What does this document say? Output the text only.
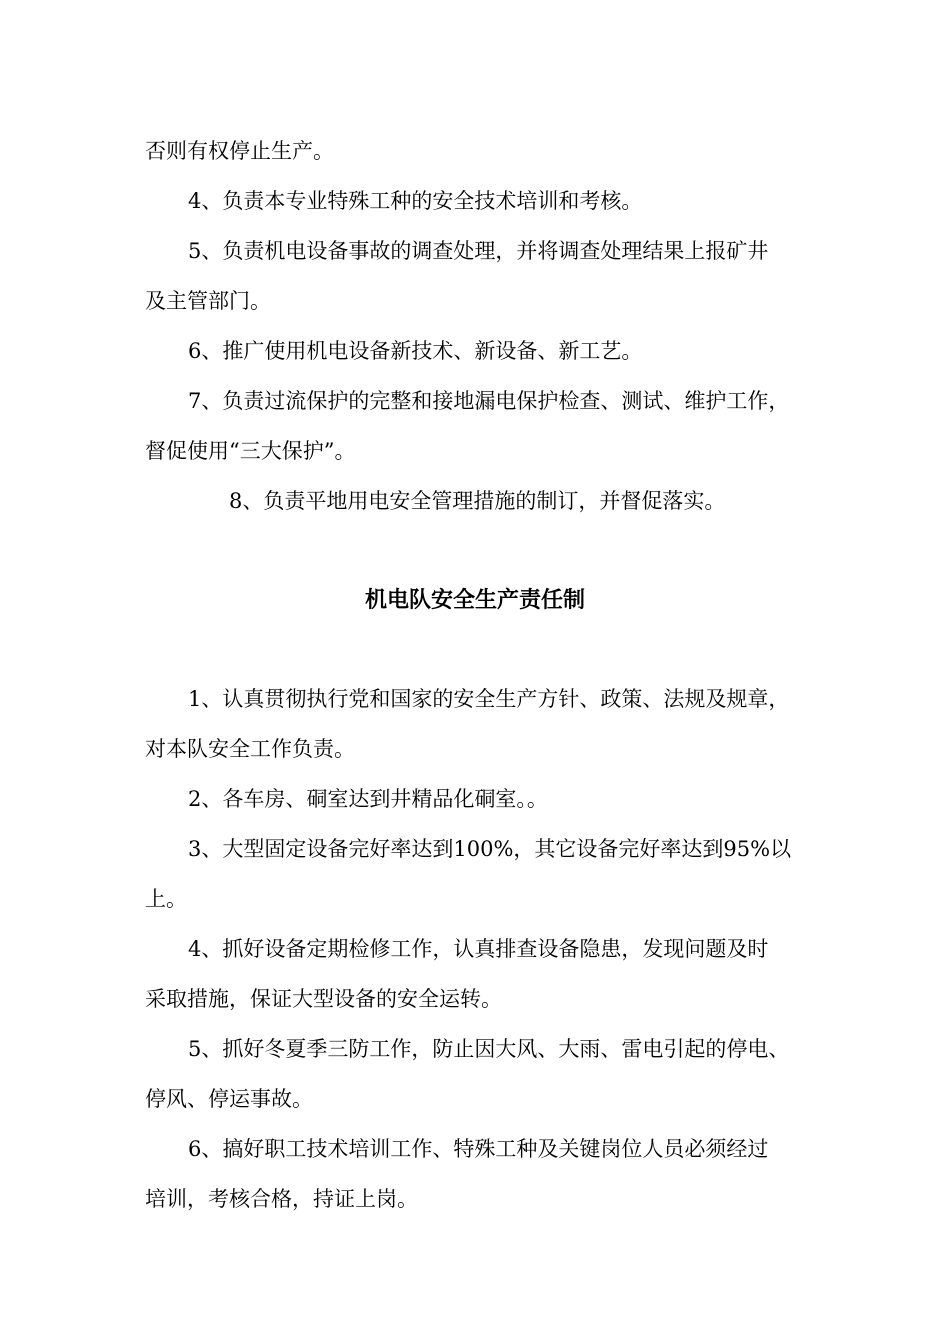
否则有权停止生产。
4、负责本专业特殊工种的安全技术培训和考核。
5、负责机电设备事故的调查处理，并将调查处理结果上报矿井
及主管部门。
6、推广使用机电设备新技术、新设备、新工艺。
7、负责过流保护的完整和接地漏电保护检查、测试、维护工作，
督促使用“三大保护”。
8、负责平地用电安全管理措施的制订，并督促落实。
机电队安全生产责任制
1、认真贯彻执行党和国家的安全生产方针、政策、法规及规章，
对本队安全工作负责。
2、各车房、硐室达到井精品化硐室。。
3、大型固定设备完好率达到100%，其它设备完好率达到95%以
上。
4、抓好设备定期检修工作，认真排查设备隐患，发现问题及时
采取措施，保证大型设备的安全运转。
5、抓好冬夏季三防工作，防止因大风、大雨、雷电引起的停电、
停风、停运事故。
6、搞好职工技术培训工作、特殊工种及关键岗位人员必须经过
培训，考核合格，持证上岗。
